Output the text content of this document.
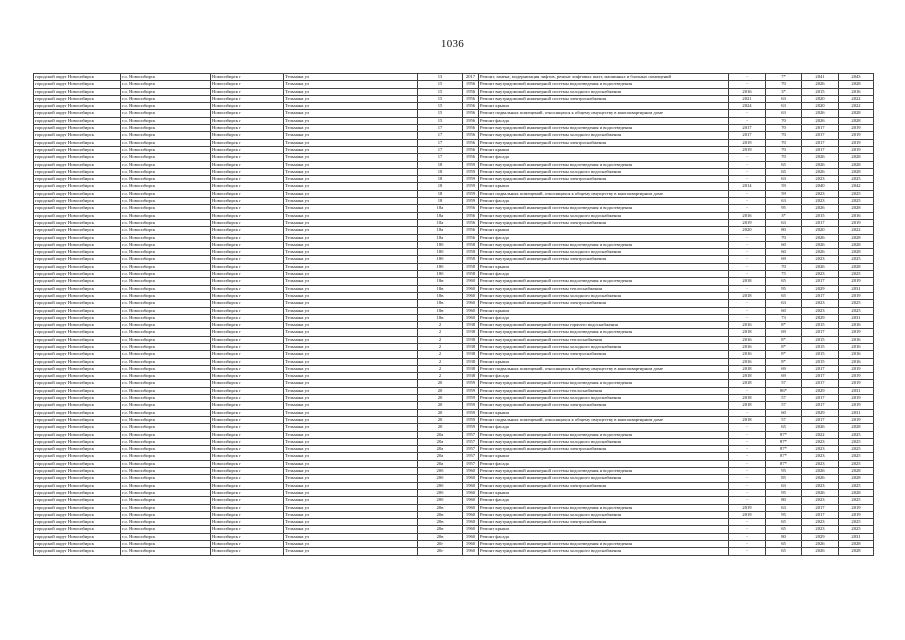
1036
городской округ Новосибирск	г.о. Новосибирск	Новосибирск г	Тельмана ул	13	2017	Ремонт, замена, модернизация лифтов, ремонт лифтовых шахт, машинных и блочных помещений	-	7*	2041	2043
городской округ Новосибирск	г.о. Новосибирск	Новосибирск г	Тельмана ул	15	1956	Ремонт внутридомовой инженерной системы водоотведения и водоотведения	-	70	2026	2028
городской округ Новосибирск	г.о. Новосибирск	Новосибирск г	Тельмана ул	15	1956	Ремонт внутридомовой инженерной системы холодного водоснабжения	2016	3*	2015	2016
городской округ Новосибирск	г.о. Новосибирск	Новосибирск г	Тельмана ул	15	1956	Ремонт внутридомовой инженерной системы электроснабжения	2021	63	2020	2022
городской округ Новосибирск	г.о. Новосибирск	Новосибирск г	Тельмана ул	15	1956	Ремонт крыши	2024	63	2020	2022
городской округ Новосибирск	г.о. Новосибирск	Новосибирск г	Тельмана ул	15	1956	Ремонт подвальных помещений, относящихся к общему имуществу в многоквартирном доме	-	63	2026	2028
городской округ Новосибирск	г.о. Новосибирск	Новосибирск г	Тельмана ул	15	1956	Ремонт фасада	-	70	2026	2028
городской округ Новосибирск	г.о. Новосибирск	Новосибирск г	Тельмана ул	17	1956	Ремонт внутридомовой инженерной системы водоотведения и водоотведения	2017	70	2017	2019
городской округ Новосибирск	г.о. Новосибирск	Новосибирск г	Тельмана ул	17	1956	Ремонт внутридомовой инженерной системы холодного водоснабжения	2017	70	2017	2019
городской округ Новосибирск	г.о. Новосибирск	Новосибирск г	Тельмана ул	17	1956	Ремонт внутридомовой инженерной системы электроснабжения	2019	70	2017	2019
городской округ Новосибирск	г.о. Новосибирск	Новосибирск г	Тельмана ул	17	1956	Ремонт крыши	2019	70	2017	2019
городской округ Новосибирск	г.о. Новосибирск	Новосибирск г	Тельмана ул	17	1956	Ремонт фасада	-	70	2026	2028
городской округ Новосибирск	г.о. Новосибирск	Новосибирск г	Тельмана ул	18	1959	Ремонт внутридомовой инженерной системы водоотведения и водоотведения	-	65	2026	2028
городской округ Новосибирск	г.о. Новосибирск	Новосибирск г	Тельмана ул	18	1959	Ремонт внутридомовой инженерной системы холодного водоснабжения	-	65	2026	2028
городской округ Новосибирск	г.о. Новосибирск	Новосибирск г	Тельмана ул	18	1959	Ремонт внутридомовой инженерной системы электроснабжения	-	63	2023	2025
городской округ Новосибирск	г.о. Новосибирск	Новосибирск г	Тельмана ул	18	1959	Ремонт крыши	2014	59	2040	2042
городской округ Новосибирск	г.о. Новосибирск	Новосибирск г	Тельмана ул	18	1959	Ремонт подвальных помещений, относящихся к общему имуществу в многоквартирном доме	-	59	2023	2025
городской округ Новосибирск	г.о. Новосибирск	Новосибирск г	Тельмана ул	18	1959	Ремонт фасада	-	63	2023	2025
городской округ Новосибирск	г.о. Новосибирск	Новосибирск г	Тельмана ул	18а	1956	Ремонт внутридомовой инженерной системы водоотведения и водоотведения	-	95	2026	2028
городской округ Новосибирск	г.о. Новосибирск	Новосибирск г	Тельмана ул	18а	1956	Ремонт внутридомовой инженерной системы холодного водоснабжения	2016	3*	2015	2016
городской округ Новосибирск	г.о. Новосибирск	Новосибирск г	Тельмана ул	18а	1956	Ремонт внутридомовой инженерной системы электроснабжения	2019	63	2017	2019
городской округ Новосибирск	г.о. Новосибирск	Новосибирск г	Тельмана ул	18а	1956	Ремонт крыши	2020	80	2020	2022
городской округ Новосибирск	г.о. Новосибирск	Новосибирск г	Тельмана ул	18а	1956	Ремонт фасада	-	70	2026	2028
городской округ Новосибирск	г.о. Новосибирск	Новосибирск г	Тельмана ул	18б	1958	Ремонт внутридомовой инженерной системы водоотведения и водоотведения	-	60	2026	2028
городской округ Новосибирск	г.о. Новосибирск	Новосибирск г	Тельмана ул	18б	1958	Ремонт внутридомовой инженерной системы холодного водоснабжения	-	60	2026	2028
городской округ Новосибирск	г.о. Новосибирск	Новосибирск г	Тельмана ул	18б	1958	Ремонт внутридомовой инженерной системы электроснабжения	-	69	2023	2025
городской округ Новосибирск	г.о. Новосибирск	Новосибирск г	Тельмана ул	18б	1958	Ремонт крыши	-	70	2026	2028
городской округ Новосибирск	г.о. Новосибирск	Новосибирск г	Тельмана ул	18б	1958	Ремонт фасада	-	75	2023	2025
городской округ Новосибирск	г.о. Новосибирск	Новосибирск г	Тельмана ул	18в	1960	Ремонт внутридомовой инженерной системы водоотведения и водоотведения	2018	65	2017	2019
городской округ Новосибирск	г.о. Новосибирск	Новосибирск г	Тельмана ул	18в	1960	Ремонт внутридомовой инженерной системы теплоснабжения	-	95	2029	2031
городской округ Новосибирск	г.о. Новосибирск	Новосибирск г	Тельмана ул	18в	1960	Ремонт внутридомовой инженерной системы холодного водоснабжения	2018	65	2017	2019
городской округ Новосибирск	г.о. Новосибирск	Новосибирск г	Тельмана ул	18в	1960	Ремонт внутридомовой инженерной системы электроснабжения	-	63	2023	2025
городской округ Новосибирск	г.о. Новосибирск	Новосибирск г	Тельмана ул	18в	1960	Ремонт крыши	-	60	2023	2025
городской округ Новосибирск	г.о. Новосибирск	Новосибирск г	Тельмана ул	18в	1960	Ремонт фасада	-	73	2029	2031
городской округ Новосибирск	г.о. Новосибирск	Новосибирск г	Тельмана ул	2	1938	Ремонт внутридомовой инженерной системы горячего водоснабжения	2016	8*	2015	2016
городской округ Новосибирск	г.о. Новосибирск	Новосибирск г	Тельмана ул	2	1938	Ремонт внутридомовой инженерной системы водоотведения и водоотведения	2018	69	2017	2019
городской округ Новосибирск	г.о. Новосибирск	Новосибирск г	Тельмана ул	2	1938	Ремонт внутридомовой инженерной системы теплоснабжения	2016	8*	2015	2016
городской округ Новосибирск	г.о. Новосибирск	Новосибирск г	Тельмана ул	2	1938	Ремонт внутридомовой инженерной системы холодного водоснабжения	2016	8*	2015	2016
городской округ Новосибирск	г.о. Новосибирск	Новосибирск г	Тельмана ул	2	1938	Ремонт внутридомовой инженерной системы электроснабжения	2016	8*	2015	2016
городской округ Новосибирск	г.о. Новосибирск	Новосибирск г	Тельмана ул	2	1938	Ремонт крыши	2016	8*	2015	2016
городской округ Новосибирск	г.о. Новосибирск	Новосибирск г	Тельмана ул	2	1938	Ремонт подвальных помещений, относящихся к общему имуществу в многоквартирном доме	2018	69	2017	2019
городской округ Новосибирск	г.о. Новосибирск	Новосибирск г	Тельмана ул	2	1938	Ремонт фасада	2018	69	2017	2019
городской округ Новосибирск	г.о. Новосибирск	Новосибирск г	Тельмана ул	20	1959	Ремонт внутридомовой инженерной системы водоотведения и водоотведения	2018	57	2017	2019
городской округ Новосибирск	г.о. Новосибирск	Новосибирск г	Тельмана ул	20	1959	Ремонт внутридомовой инженерной системы теплоснабжения	-	86*	2029	2031
городской округ Новосибирск	г.о. Новосибирск	Новосибирск г	Тельмана ул	20	1959	Ремонт внутридомовой инженерной системы холодного водоснабжения	2018	57	2017	2019
городской округ Новосибирск	г.о. Новосибирск	Новосибирск г	Тельмана ул	20	1959	Ремонт внутридомовой инженерной системы электроснабжения	2018	57	2017	2019
городской округ Новосибирск	г.о. Новосибирск	Новосибирск г	Тельмана ул	20	1959	Ремонт крыши	-	60	2029	2031
городской округ Новосибирск	г.о. Новосибирск	Новосибирск г	Тельмана ул	20	1959	Ремонт подвальных помещений, относящихся к общему имуществу в многоквартирном доме	2018	57	2017	2019
городской округ Новосибирск	г.о. Новосибирск	Новосибирск г	Тельмана ул	20	1959	Ремонт фасада	-	65	2026	2028
городской округ Новосибирск	г.о. Новосибирск	Новосибирск г	Тельмана ул	20а	1957	Ремонт внутридомовой инженерной системы водоотведения и водоотведения	-	87*	2022	2025
городской округ Новосибирск	г.о. Новосибирск	Новосибирск г	Тельмана ул	20а	1957	Ремонт внутридомовой инженерной системы холодного водоснабжения	-	87*	2023	2025
городской округ Новосибирск	г.о. Новосибирск	Новосибирск г	Тельмана ул	20а	1957	Ремонт внутридомовой инженерной системы электроснабжения	-	87*	2023	2025
городской округ Новосибирск	г.о. Новосибирск	Новосибирск г	Тельмана ул	20а	1957	Ремонт крыши	-	87*	2023	2025
городской округ Новосибирск	г.о. Новосибирск	Новосибирск г	Тельмана ул	20а	1957	Ремонт фасада	-	87*	2023	2025
городской округ Новосибирск	г.о. Новосибирск	Новосибирск г	Тельмана ул	20б	1960	Ремонт внутридомовой инженерной системы водоотведения и водоотведения	-	95	2026	2028
городской округ Новосибирск	г.о. Новосибирск	Новосибирск г	Тельмана ул	20б	1960	Ремонт внутридомовой инженерной системы холодного водоснабжения	-	85	2026	2028
городской округ Новосибирск	г.о. Новосибирск	Новосибирск г	Тельмана ул	20б	1960	Ремонт внутридомовой инженерной системы электроснабжения	-	63	2023	2025
городской округ Новосибирск	г.о. Новосибирск	Новосибирск г	Тельмана ул	20б	1960	Ремонт крыши	-	95	2026	2028
городской округ Новосибирск	г.о. Новосибирск	Новосибирск г	Тельмана ул	20б	1960	Ремонт фасада	-	80	2023	2025
городской округ Новосибирск	г.о. Новосибирск	Новосибирск г	Тельмана ул	20в	1960	Ремонт внутридомовой инженерной системы водоотведения и водоотведения	2019	63	2017	2019
городской округ Новосибирск	г.о. Новосибирск	Новосибирск г	Тельмана ул	20в	1960	Ремонт внутридомовой инженерной системы холодного водоснабжения	2019	95	2017	2019
городской округ Новосибирск	г.о. Новосибирск	Новосибирск г	Тельмана ул	20в	1960	Ремонт внутридомовой инженерной системы электроснабжения	-	65	2023	2025
городской округ Новосибирск	г.о. Новосибирск	Новосибирск г	Тельмана ул	20в	1960	Ремонт крыши	-	65	2023	2025
городской округ Новосибирск	г.о. Новосибирск	Новосибирск г	Тельмана ул	20в	1960	Ремонт фасада	-	80	2029	2031
городской округ Новосибирск	г.о. Новосибирск	Новосибирск г	Тельмана ул	20г	1960	Ремонт внутридомовой инженерной системы водоотведения и водоотведения	-	65	2026	2028
городской округ Новосибирск	г.о. Новосибирск	Новосибирск г	Тельмана ул	20г	1960	Ремонт внутридомовой инженерной системы холодного водоснабжения	-	65	2026	2028
